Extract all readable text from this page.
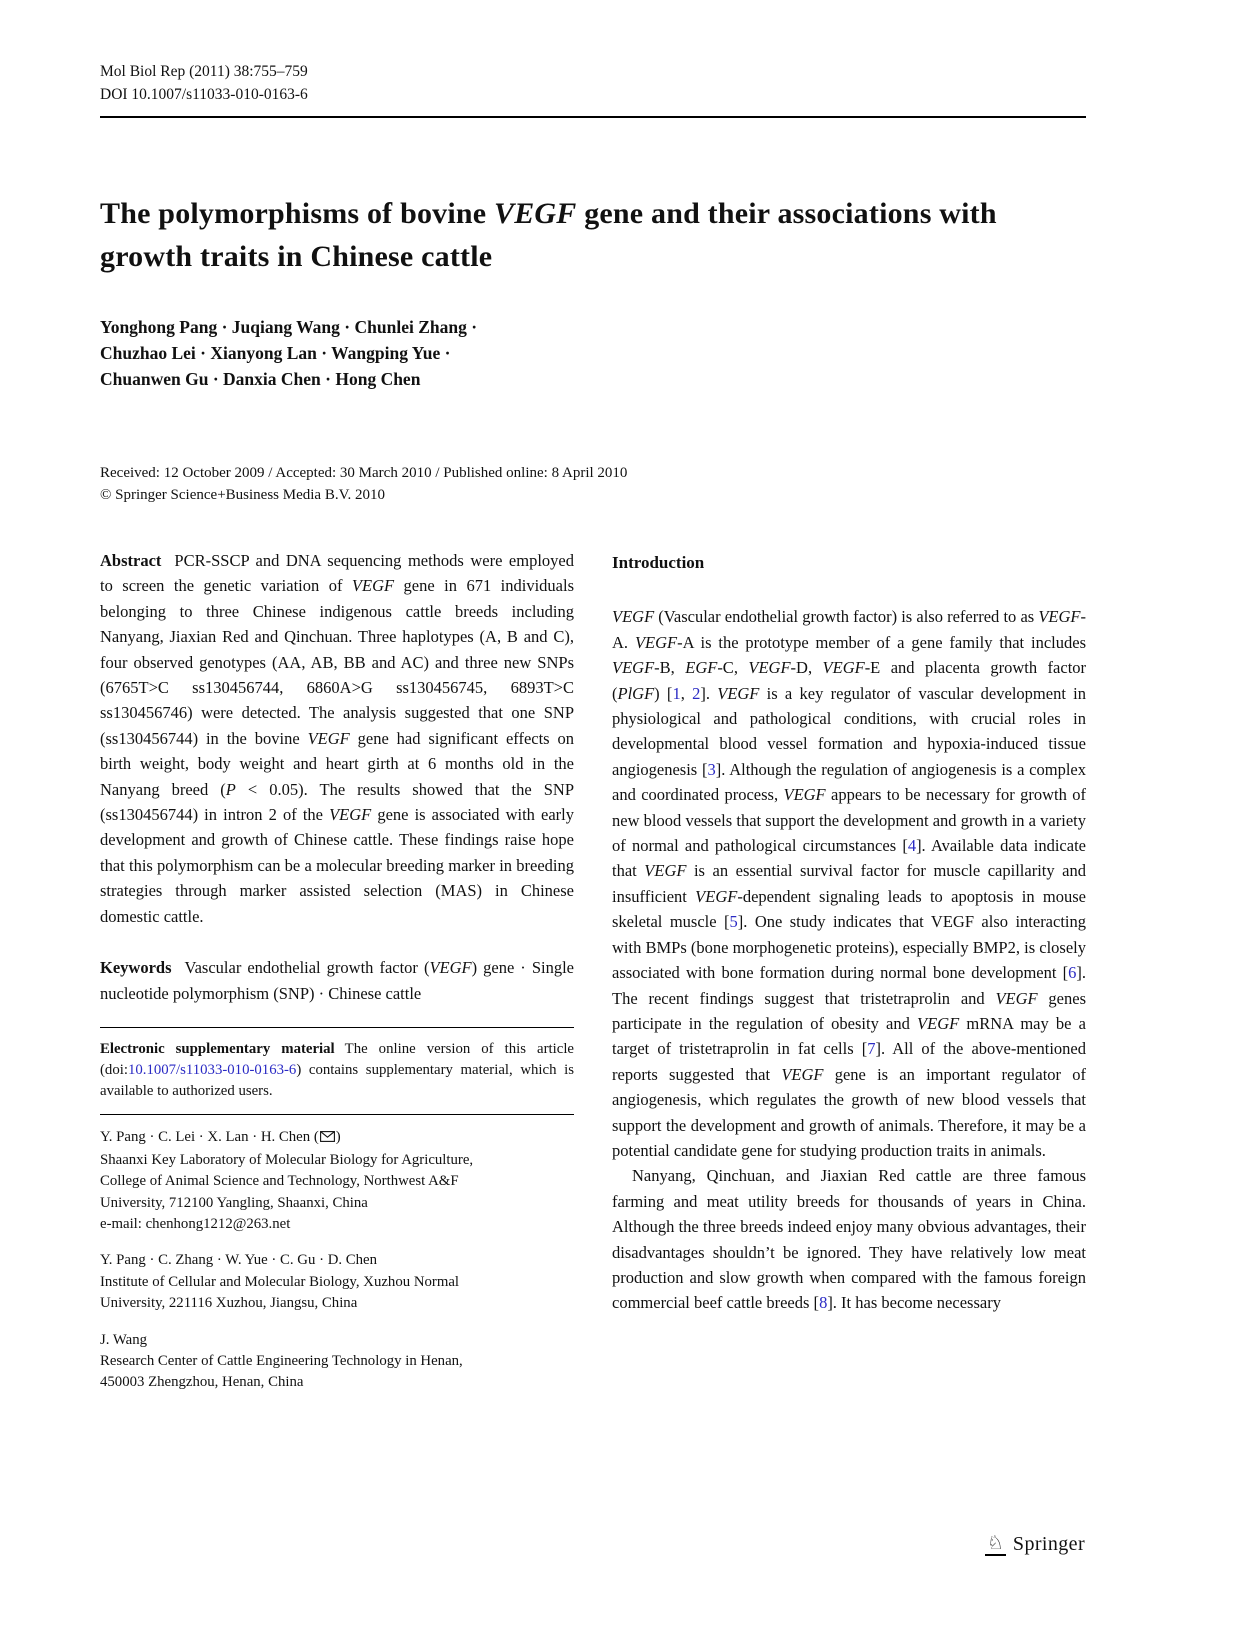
Mol Biol Rep (2011) 38:755–759
DOI 10.1007/s11033-010-0163-6
The polymorphisms of bovine VEGF gene and their associations with growth traits in Chinese cattle
Yonghong Pang · Juqiang Wang · Chunlei Zhang ·
Chuzhao Lei · Xianyong Lan · Wangping Yue ·
Chuanwen Gu · Danxia Chen · Hong Chen
Received: 12 October 2009 / Accepted: 30 March 2010 / Published online: 8 April 2010
© Springer Science+Business Media B.V. 2010

Abstract PCR-SSCP and DNA sequencing methods were employed to screen the genetic variation of VEGF gene in 671 individuals belonging to three Chinese indigenous cattle breeds including Nanyang, Jiaxian Red and Qinchuan. Three haplotypes (A, B and C), four observed genotypes (AA, AB, BB and AC) and three new SNPs (6765T>C ss130456744, 6860A>G ss130456745, 6893T>C ss130456746) were detected. The analysis suggested that one SNP (ss130456744) in the bovine VEGF gene had significant effects on birth weight, body weight and heart girth at 6 months old in the Nanyang breed (P < 0.05). The results showed that the SNP (ss130456744) in intron 2 of the VEGF gene is associated with early development and growth of Chinese cattle. These findings raise hope that this polymorphism can be a molecular breeding marker in breeding strategies through marker assisted selection (MAS) in Chinese domestic cattle.

Keywords Vascular endothelial growth factor (VEGF) gene · Single nucleotide polymorphism (SNP) · Chinese cattle

Electronic supplementary material The online version of this article (doi:10.1007/s11033-010-0163-6) contains supplementary material, which is available to authorized users.
Y. Pang · C. Lei · X. Lan · H. Chen ( )
Shaanxi Key Laboratory of Molecular Biology for Agriculture,
College of Animal Science and Technology, Northwest A&F
University, 712100 Yangling, Shaanxi, China
e-mail: chenhong1212@263.net
Y. Pang · C. Zhang · W. Yue · C. Gu · D. Chen
Institute of Cellular and Molecular Biology, Xuzhou Normal
University, 221116 Xuzhou, Jiangsu, China
J. Wang
Research Center of Cattle Engineering Technology in Henan,
450003 Zhengzhou, Henan, China
Introduction

VEGF (Vascular endothelial growth factor) is also referred to as VEGF-A. VEGF-A is the prototype member of a gene family that includes VEGF-B, EGF-C, VEGF-D, VEGF-E and placenta growth factor (PlGF) [1, 2]. VEGF is a key regulator of vascular development in physiological and pathological conditions, with crucial roles in developmental blood vessel formation and hypoxia-induced tissue angiogenesis [3]. Although the regulation of angiogenesis is a complex and coordinated process, VEGF appears to be necessary for growth of new blood vessels that support the development and growth in a variety of normal and pathological circumstances [4]. Available data indicate that VEGF is an essential survival factor for muscle capillarity and insufficient VEGF-dependent signaling leads to apoptosis in mouse skeletal muscle [5]. One study indicates that VEGF also interacting with BMPs (bone morphogenetic proteins), especially BMP2, is closely associated with bone formation during normal bone development [6]. The recent findings suggest that tristetraprolin and VEGF genes participate in the regulation of obesity and VEGF mRNA may be a target of tristetraprolin in fat cells [7]. All of the above-mentioned reports suggested that VEGF gene is an important regulator of angiogenesis, which regulates the growth of new blood vessels that support the development and growth of animals. Therefore, it may be a potential candidate gene for studying production traits in animals.

Nanyang, Qinchuan, and Jiaxian Red cattle are three famous farming and meat utility breeds for thousands of years in China. Although the three breeds indeed enjoy many obvious advantages, their disadvantages shouldn’t be ignored. They have relatively low meat production and slow growth when compared with the famous foreign commercial beef cattle breeds [8]. It has become necessary

♘ Springer
